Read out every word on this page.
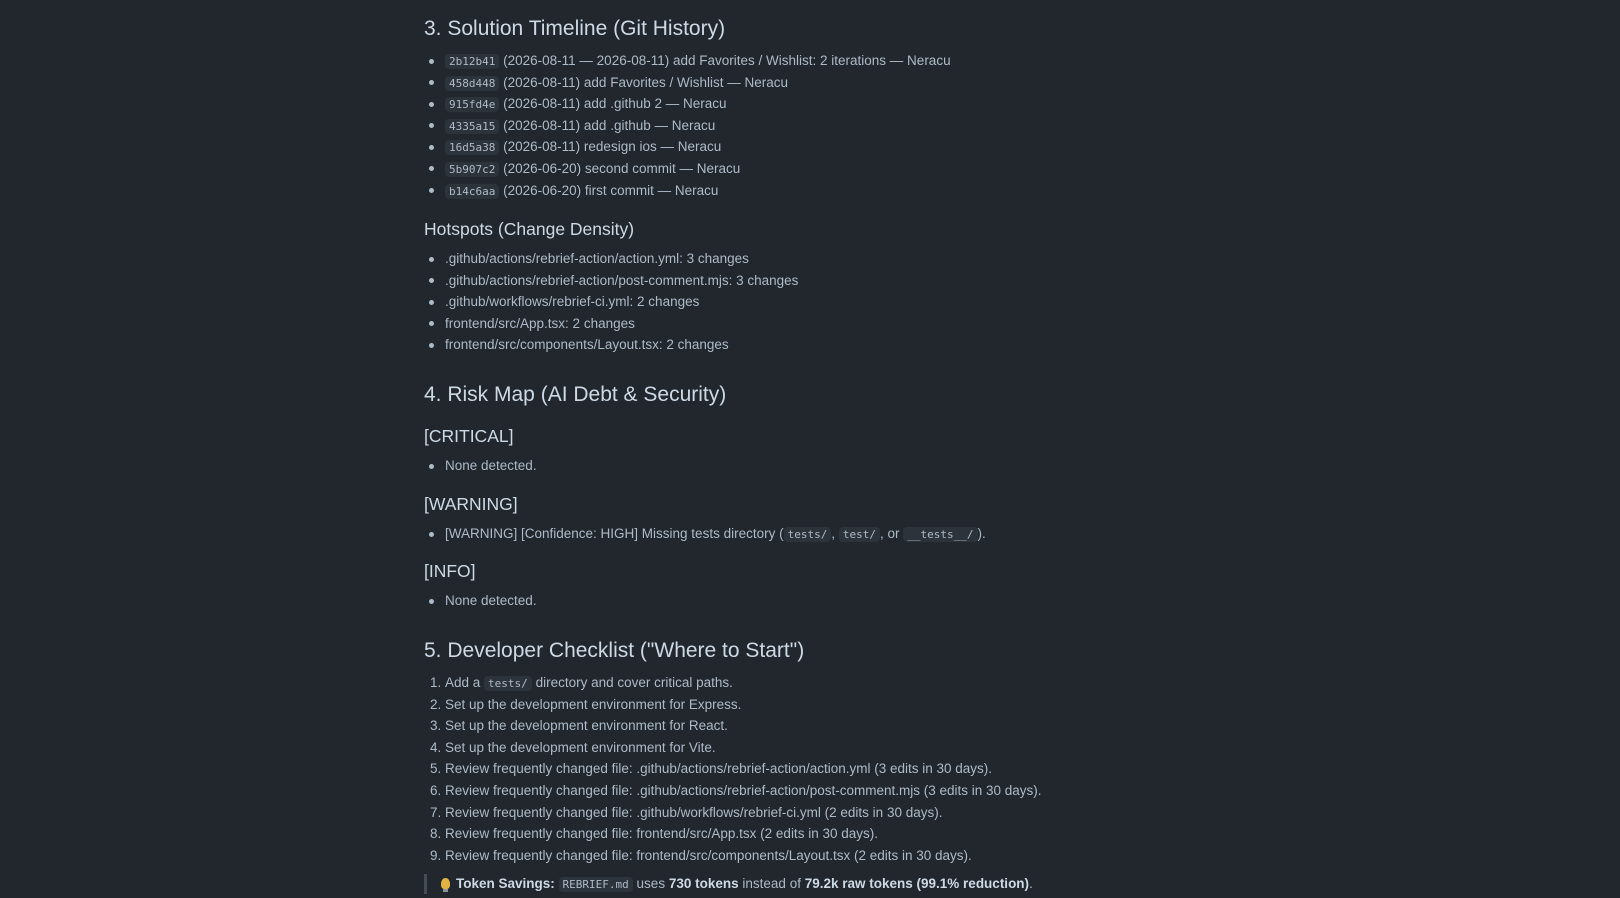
3. Solution Timeline (Git History)
2b12b41 (2026-08-11 — 2026-08-11) add Favorites / Wishlist: 2 iterations — Neracu
458d448 (2026-08-11) add Favorites / Wishlist — Neracu
915fd4e (2026-08-11) add .github 2 — Neracu
4335a15 (2026-08-11) add .github — Neracu
16d5a38 (2026-08-11) redesign ios — Neracu
5b907c2 (2026-06-20) second commit — Neracu
b14c6aa (2026-06-20) first commit — Neracu
Hotspots (Change Density)
.github/actions/rebrief-action/action.yml: 3 changes
.github/actions/rebrief-action/post-comment.mjs: 3 changes
.github/workflows/rebrief-ci.yml: 2 changes
frontend/src/App.tsx: 2 changes
frontend/src/components/Layout.tsx: 2 changes
4. Risk Map (AI Debt & Security)
[CRITICAL]
None detected.
[WARNING]
[WARNING] [Confidence: HIGH] Missing tests directory ( tests/ , test/ , or __tests__/ ).
[INFO]
None detected.
5. Developer Checklist ("Where to Start")
1. Add a tests/ directory and cover critical paths.
2. Set up the development environment for Express.
3. Set up the development environment for React.
4. Set up the development environment for Vite.
5. Review frequently changed file: .github/actions/rebrief-action/action.yml (3 edits in 30 days).
6. Review frequently changed file: .github/actions/rebrief-action/post-comment.mjs (3 edits in 30 days).
7. Review frequently changed file: .github/workflows/rebrief-ci.yml (2 edits in 30 days).
8. Review frequently changed file: frontend/src/App.tsx (2 edits in 30 days).
9. Review frequently changed file: frontend/src/components/Layout.tsx (2 edits in 30 days).
Token Savings: REBRIEF.md uses 730 tokens instead of 79.2k raw tokens (99.1% reduction).
